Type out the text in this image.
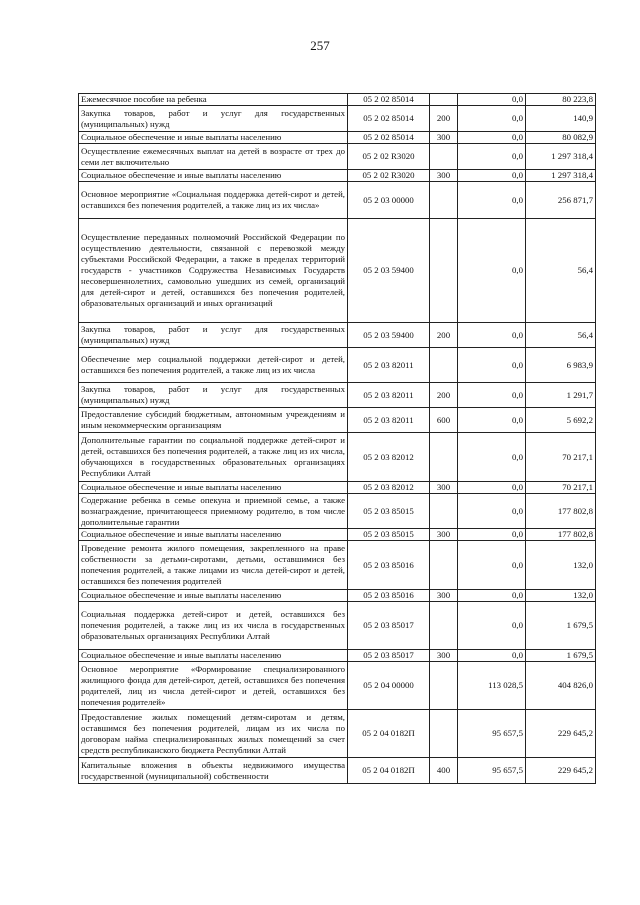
257
Ежемесячное пособие на ребенка	05 2 02 85014		0,0	80 223,8
Закупка товаров, работ и услуг для государственных (муниципальных) нужд	05 2 02 85014	200	0,0	140,9
Социальное обеспечение и иные выплаты населению	05 2 02 85014	300	0,0	80 082,9
Осуществление ежемесячных выплат на детей в возрасте от трех до семи лет включительно	05 2 02 R3020		0,0	1 297 318,4
Социальное обеспечение и иные выплаты населению	05 2 02 R3020	300	0,0	1 297 318,4
Основное мероприятие «Социальная поддержка детей-сирот и детей, оставшихся без попечения родителей, а также лиц из их числа»	05 2 03 00000		0,0	256 871,7
Осуществление переданных полномочий Российской Федерации по осуществлению деятельности, связанной с перевозкой между субъектами Российской Федерации, а также в пределах территорий государств - участников Содружества Независимых Государств несовершеннолетних, самовольно ушедших из семей, организаций для детей-сирот и детей, оставшихся без попечения родителей, образовательных организаций и иных организаций	05 2 03 59400		0,0	56,4
Закупка товаров, работ и услуг для государственных (муниципальных) нужд	05 2 03 59400	200	0,0	56,4
Обеспечение мер социальной поддержки детей-сирот и детей, оставшихся без попечения родителей, а также лиц из их числа	05 2 03 82011		0,0	6 983,9
Закупка товаров, работ и услуг для государственных (муниципальных) нужд	05 2 03 82011	200	0,0	1 291,7
Предоставление субсидий бюджетным, автономным учреждениям и иным некоммерческим организациям	05 2 03 82011	600	0,0	5 692,2
Дополнительные гарантии по социальной поддержке детей-сирот и детей, оставшихся без попечения родителей, а также лиц из их числа, обучающихся в государственных образовательных организациях Республики Алтай	05 2 03 82012		0,0	70 217,1
Социальное обеспечение и иные выплаты населению	05 2 03 82012	300	0,0	70 217,1
Содержание ребенка в семье опекуна и приемной семье, а также вознаграждение, причитающееся приемному родителю, в том числе дополнительные гарантии	05 2 03 85015		0,0	177 802,8
Социальное обеспечение и иные выплаты населению	05 2 03 85015	300	0,0	177 802,8
Проведение ремонта жилого помещения, закрепленного на праве собственности за детьми-сиротами, детьми, оставшимися без попечения родителей, а также лицами из числа детей-сирот и детей, оставшихся без попечения родителей	05 2 03 85016		0,0	132,0
Социальное обеспечение и иные выплаты населению	05 2 03 85016	300	0,0	132,0
Социальная поддержка детей-сирот и детей, оставшихся без попечения родителей, а также лиц из их числа в государственных образовательных организациях Республики Алтай	05 2 03 85017		0,0	1 679,5
Социальное обеспечение и иные выплаты населению	05 2 03 85017	300	0,0	1 679,5
Основное мероприятие «Формирование специализированного жилищного фонда для детей-сирот, детей, оставшихся без попечения родителей, лиц из числа детей-сирот и детей, оставшихся без попечения родителей»	05 2 04 00000		113 028,5	404 826,0
Предоставление жилых помещений детям-сиротам и детям, оставшимся без попечения родителей, лицам из их числа по договорам найма специализированных жилых помещений за счет средств республиканского бюджета Республики Алтай	05 2 04 0182П		95 657,5	229 645,2
Капитальные вложения в объекты недвижимого имущества государственной (муниципальной) собственности	05 2 04 0182П	400	95 657,5	229 645,2
